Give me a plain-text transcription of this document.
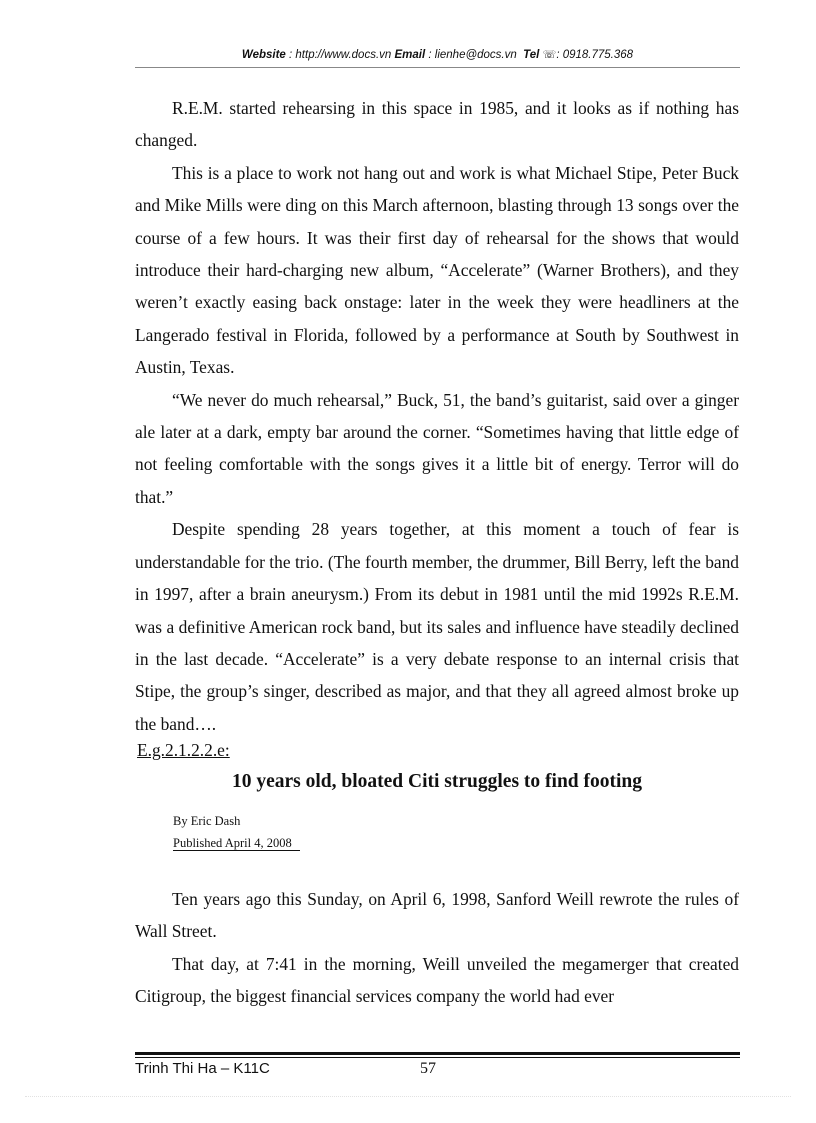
Website : http://www.docs.vn Email : lienhe@docs.vn Tel ☏: 0918.775.368

R.E.M. started rehearsing in this space in 1985, and it looks as if nothing has changed.

This is a place to work not hang out and work is what Michael Stipe, Peter Buck and Mike Mills were ding on this March afternoon, blasting through 13 songs over the course of a few hours. It was their first day of rehearsal for the shows that would introduce their hard-charging new album, “Accelerate” (Warner Brothers), and they weren’t exactly easing back onstage: later in the week they were headliners at the Langerado festival in Florida, followed by a performance at South by Southwest in Austin, Texas.

“We never do much rehearsal,” Buck, 51, the band’s guitarist, said over a ginger ale later at a dark, empty bar around the corner. “Sometimes having that little edge of not feeling comfortable with the songs gives it a little bit of energy. Terror will do that.”

Despite spending 28 years together, at this moment a touch of fear is understandable for the trio. (The fourth member, the drummer, Bill Berry, left the band in 1997, after a brain aneurysm.) From its debut in 1981 until the mid 1992s R.E.M. was a definitive American rock band, but its sales and influence have steadily declined in the last decade. “Accelerate” is a very debate response to an internal crisis that Stipe, the group’s singer, described as major, and that they all agreed almost broke up the band….

E.g.2.1.2.2.e:
10 years old, bloated Citi struggles to find footing
By Eric Dash
Published April 4, 2008

Ten years ago this Sunday, on April 6, 1998, Sanford Weill rewrote the rules of Wall Street.

That day, at 7:41 in the morning, Weill unveiled the megamerger that created Citigroup, the biggest financial services company the world had ever

Trinh Thi Ha – K11C	57
